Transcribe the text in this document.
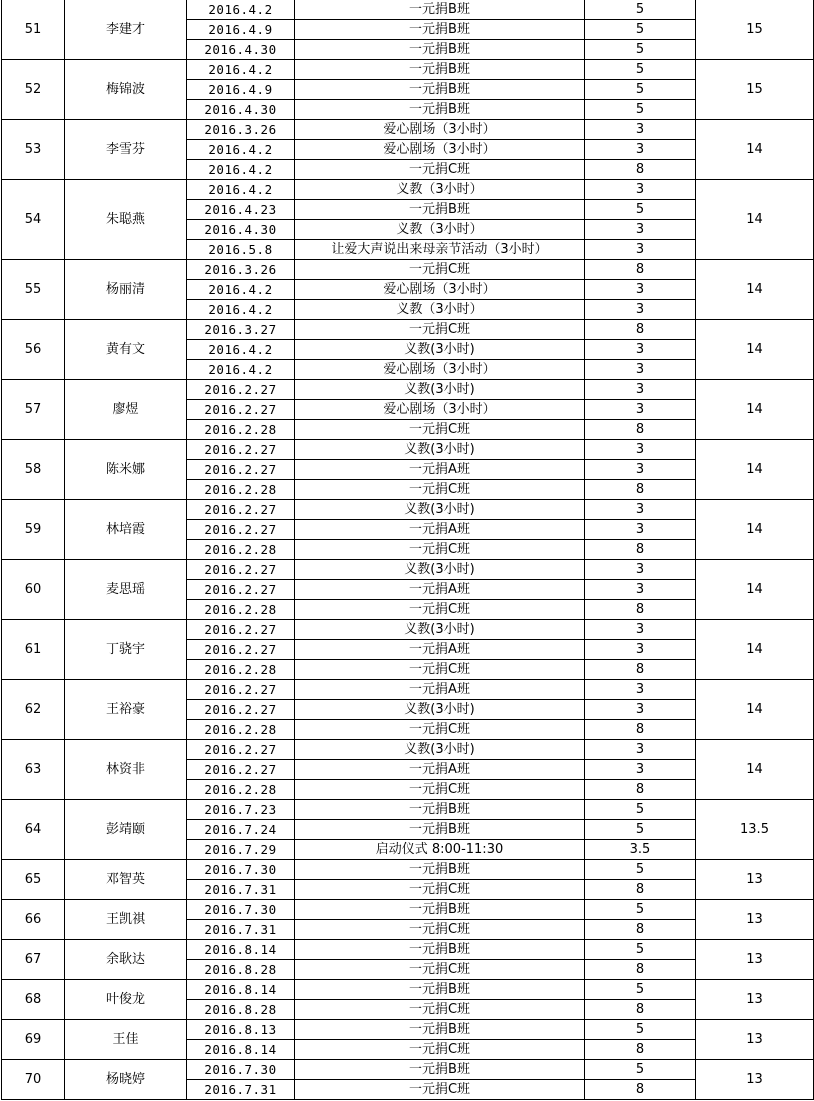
51	李建才	2016.4.2	一元捐B班	5	15
		2016.4.9	一元捐B班	5	
		2016.4.30	一元捐B班	5	
52	梅锦波	2016.4.2	一元捐B班	5	15
		2016.4.9	一元捐B班	5	
		2016.4.30	一元捐B班	5	
53	李雪芬	2016.3.26	爱心剧场（3小时）	3	14
		2016.4.2	爱心剧场（3小时）	3	
		2016.4.2	一元捐C班	8	
54	朱聪燕	2016.4.2	义教（3小时）	3	14
		2016.4.23	一元捐B班	5	
		2016.4.30	义教（3小时）	3	
		2016.5.8	让爱大声说出来母亲节活动（3小时）	3	
55	杨丽清	2016.3.26	一元捐C班	8	14
		2016.4.2	爱心剧场（3小时）	3	
		2016.4.2	义教（3小时）	3	
56	黄有文	2016.3.27	一元捐C班	8	14
		2016.4.2	义教(3小时)	3	
		2016.4.2	爱心剧场（3小时）	3	
57	廖煜	2016.2.27	义教(3小时)	3	14
		2016.2.27	爱心剧场（3小时）	3	
		2016.2.28	一元捐C班	8	
58	陈米娜	2016.2.27	义教(3小时)	3	14
		2016.2.27	一元捐A班	3	
		2016.2.28	一元捐C班	8	
59	林培霞	2016.2.27	义教(3小时)	3	14
		2016.2.27	一元捐A班	3	
		2016.2.28	一元捐C班	8	
60	麦思瑶	2016.2.27	义教(3小时)	3	14
		2016.2.27	一元捐A班	3	
		2016.2.28	一元捐C班	8	
61	丁骁宇	2016.2.27	义教(3小时)	3	14
		2016.2.27	一元捐A班	3	
		2016.2.28	一元捐C班	8	
62	王裕豪	2016.2.27	一元捐A班	3	14
		2016.2.27	义教(3小时)	3	
		2016.2.28	一元捐C班	8	
63	林资非	2016.2.27	义教(3小时)	3	14
		2016.2.27	一元捐A班	3	
		2016.2.28	一元捐C班	8	
64	彭靖颐	2016.7.23	一元捐B班	5	13.5
		2016.7.24	一元捐B班	5	
		2016.7.29	启动仪式 8:00-11:30	3.5	
65	邓智英	2016.7.30	一元捐B班	5	13
		2016.7.31	一元捐C班	8	
66	王凯祺	2016.7.30	一元捐B班	5	13
		2016.7.31	一元捐C班	8	
67	余耿达	2016.8.14	一元捐B班	5	13
		2016.8.28	一元捐C班	8	
68	叶俊龙	2016.8.14	一元捐B班	5	13
		2016.8.28	一元捐C班	8	
69	王佳	2016.8.13	一元捐B班	5	13
		2016.8.14	一元捐C班	8	
70	杨晓婷	2016.7.30	一元捐B班	5	13
		2016.7.31	一元捐C班	8	
